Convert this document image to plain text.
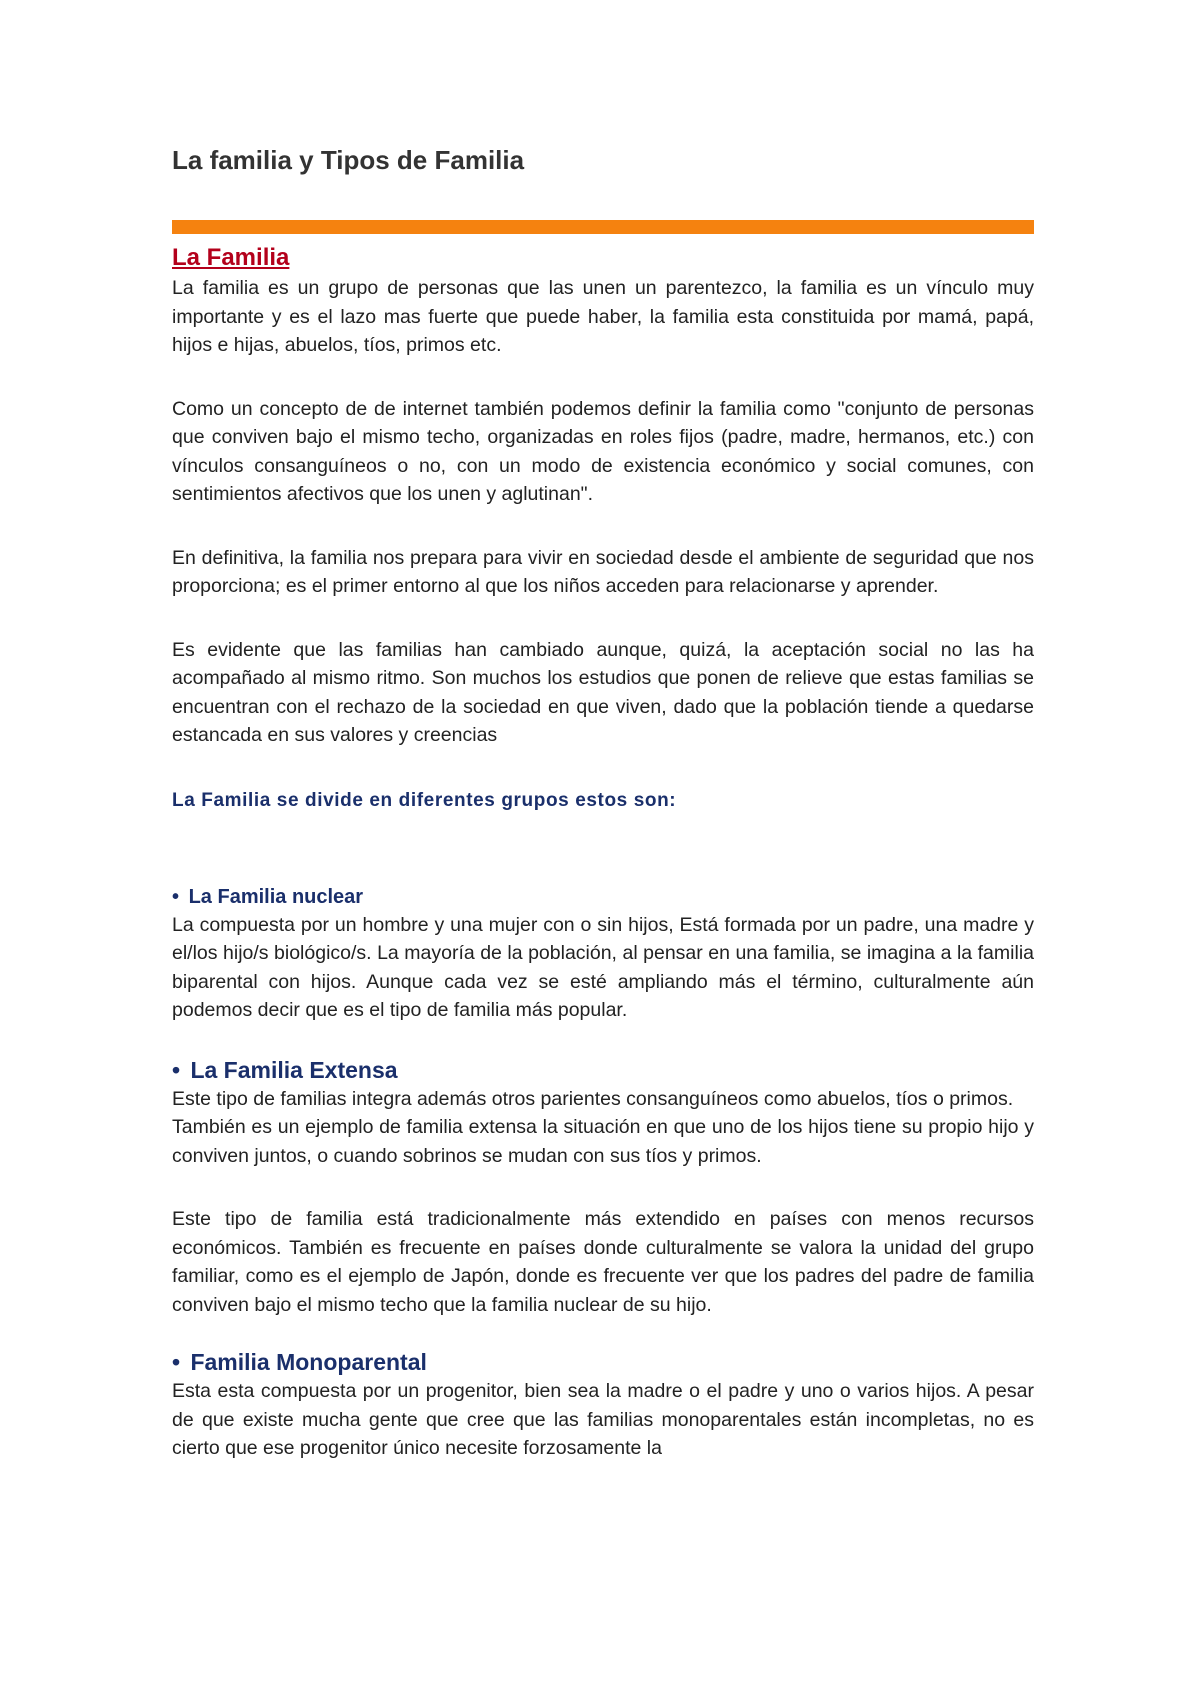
La familia y Tipos de Familia
La Familia

La familia es un grupo de personas que las unen un parentezco, la familia es un vínculo muy importante y es el lazo mas fuerte que puede haber, la familia esta constituida por mamá, papá, hijos e hijas, abuelos, tíos, primos etc.

Como un concepto de de internet también podemos definir la familia como "conjunto de personas que conviven bajo el mismo techo, organizadas en roles fijos (padre, madre, hermanos, etc.) con vínculos consanguíneos o no, con un modo de existencia económico y social comunes, con sentimientos afectivos que los unen y aglutinan".

En definitiva, la familia nos prepara para vivir en sociedad desde el ambiente de seguridad que nos proporciona; es el primer entorno al que los niños acceden para relacionarse y aprender.

Es evidente que las familias han cambiado aunque, quizá, la aceptación social no las ha acompañado al mismo ritmo. Son muchos los estudios que ponen de relieve que estas familias se encuentran con el rechazo de la sociedad en que viven, dado que la población tiende a quedarse estancada en sus valores y creencias

La Familia se divide en diferentes grupos estos son:
• La Familia nuclear

La compuesta por un hombre y una mujer con o sin hijos, Está formada por un padre, una madre y el/los hijo/s biológico/s. La mayoría de la población, al pensar en una familia, se imagina a la familia biparental con hijos. Aunque cada vez se esté ampliando más el término, culturalmente aún podemos decir que es el tipo de familia más popular.

• La Familia Extensa

Este tipo de familias integra además otros parientes consanguíneos como abuelos, tíos o primos.

También es un ejemplo de familia extensa la situación en que uno de los hijos tiene su propio hijo y conviven juntos, o cuando sobrinos se mudan con sus tíos y primos.

Este tipo de familia está tradicionalmente más extendido en países con menos recursos económicos. También es frecuente en países donde culturalmente se valora la unidad del grupo familiar, como es el ejemplo de Japón, donde es frecuente ver que los padres del padre de familia conviven bajo el mismo techo que la familia nuclear de su hijo.

• Familia Monoparental

Esta esta compuesta por un progenitor, bien sea la madre o el padre y uno o varios hijos. A pesar de que existe mucha gente que cree que las familias monoparentales están incompletas, no es cierto que ese progenitor único necesite forzosamente la
